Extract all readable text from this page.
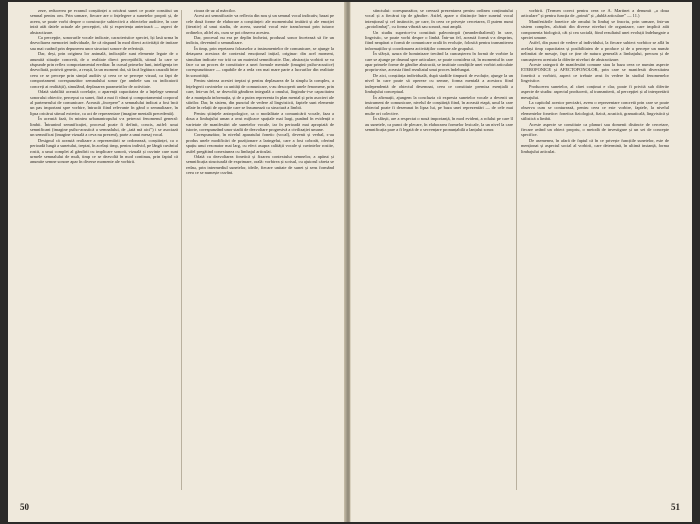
zeze, reducerea pe ecranul conștiinței a oricărui sunet ce poate constitui un semnal pentru om. Prin urmare, fiecare are o înțelegere a sunetelor proprii și, de aceea, se poate vorbi despre o construcție subiectivă a obiectelor auditive, în care intră atât datele actuale ale percepției, cât și experiența anterioară — aspect de abstractizare.

Ca percepție, sonorurile vocale indicate, caracteristice speciei, își lasă urma în dezvoltarea memoriei individuale, fie că răspund în mod direct activității de imitare sau mai curând prin depunerea unor structuri sonore de referință.

Dar, deși, prin originea lor animală, indicațiile sunt elemente legate de o anumită situație concretă, de o realitate direct perceptibilă, stimul la care se răspunde prin reflex comportamental ereditar. În cursul primelor luni, inteligența ter dezvoltată, potrivit genetic, a reușit, la un moment dat, să facă legătura cauzală între ceea ce se percepe prin simțul auditiv și ceea ce se percepe vizual, ca fapt de comportament corespunzător semnalului sonor (pe ambele sau cu indicatorii concreți ai realității), simulând, deplasarea parametrilor de activitate.

Odată stabilită această corelație, o aparență capacitatea de a înțelege semnul sonorului obiectiv, perceput ca sunet, fără a mai fi vânat și comportamentul corporal al partenerului de comunicare. Această „începere” a semnalului indicat a fost încă un pas important spre vorbire, întrucât fiind relevante în gând o semnalizare, în lipsa oricărui stimul exterior, ca act de reprezentare (imagine mentală precedentă).

În această fază, în mintea urbanantropului s-a petrecut fenomenul general: limbii. Întrunind semnificației, procesul poate fi definit, concis, astfel: unui semnificant (imagine psiho-acustică a semnalului, de „iată mă aici”) i se asociază un semnificat (imagine vizuală a ceva nu prezent), parte a unui mesaj vocal.

Designul că această realizare a reprezentării se ordonează, conștiinței, ca o perioadă lungă a sunetului, treptat, în același timp, pentru individ, pe lângă cuvântul rostit, a unui complet al gândirii cu implicare sonoră, vizuală și cuvinte care sunt urmele semnalului de mult, timp ce se dezvoltă în mod continuu, prin faptul că anumite semne sonore apar în diverse momente ale vorbirii.

rioara de uz al mărcilor.

Acest act semnificativ va reflecta din nou și un semnal vocal indicativ, bazat pe cele două forme de elaborare a conștiinței: ale momentului imitării și ale emoției (iterativ) al unui stadiu, de aceea, sunetul vocal este transformat prin tuturor ordinelor, altfel zis, cum se pot observa acestea.

Dar, procesul nu era pe deplin încheiat, produsul sonor încetează să fie un indiciu, devenind o semnalizare.

În timp, prin repetarea foloaselor a instrumentelor de comunicare, se ajunge la detașarea acestora de contextul emoțional inițial, originar: din acel moment, simultan indicate vor trăi ca un material semnificativ. Dar, abstracția vorbirii se va face ca un proces de constituire a unei formule mentale (imagini psiho-acustice) corespunzătoare — capabile de a reda cea mai mare parte a lucrurilor din realitate în sonorității.

Pentru sinteza acestei treptat și pentru deplasarea de la simplu la complex, a înțelegerii cuvintelor ca unități de comunicare, s-au descoperit unele fenomene, prin care, într-un fel, se dezvoltă gândirea integrală a omului, lărgindu-i-se capacitatea de a manipula informația, și de a putea reprezenta în plan mental și prin asocieri ale stărilor. Dar, în sistem, din punctul de vedere al lingvisticii, faptele sunt elemente aflate în relații de opoziție care se însumează ca structură a limbii.

Pentru științele antropologice, ca o modalitate a comunicării vocale, faza a doua a limbajului uman a avut mijloace spațiale mai largi, punând în evidență o varietate de manifestări ale sunetelor vocale, iar în perioadă mai apropiată de istorie, corespunzând unor stadii de dezvoltare progresivă a civilizației umane.

Corespunzător, în nivelul aparatului fonetic (vocal), devenit și verbal, s-au produs unele modificări de poziționare a laringelui, care a fost coborât, oferind spațiu unui rezonator mai larg, cu efect asupra calității vocale și cuvintelor rostite, astfel pregătind conexiunea cu limbajul articulat.

Odată cu dezvoltarea fonetică și fixarea contextului semnelor, a apărut și semnificația structurală de exprimare, orală: vorbirea și scrisul, cu ajutorul căreia se redau, prin intermediul sunetelor, ideile, fiecare unitate de sunet și sens formând ceea ce se numește cuvânt.

50

stinctului: corespunzător, se creează prezentarea pentru ordinea conținutului vocal și a fiecărui tip de gândire. Astfel, apare o distincție între sunetul vocal intențional și cel instinctiv, pe care, în ceea ce privește cercetarea, îl putem numi „protolimbaj”, cu forma vibrată sau sonoră, mai amplă.

Un studiu superior-i-a constituit paleontropii (neanderthalienii) în care, lingvistic, se poate vorbi despre o limbă. Într-un fel, această formă s-a desprins, fiind neapărat o formă de comunicare orală în evoluție, folosită pentru transmiterea informațiilor și coordonarea activităților comune ale grupului.

În sfârșit, uzura de hominizare trecând la cunoașterea în formă de vorbire la care se ajunge pe drumul spre articulare, se poate considera că, în momentul în care apar primele forme de gândire abstractă, se instituie condițiile unei vorbiri articulate propriu-zise, aceasta fiind rezultatul unui proces îndelungat.

De aici, conștiința individuală, după stadiile timpurii de evoluție, ajunge la un nivel în care poate să opereze cu semne, forma mentală a acestora fiind independentă de obiectul desemnat, ceea ce constituie premisa esențială a limbajului conceptual.

În afirmații, ajungem la concluzia că expresia sunetelor vocale a devenit un instrument de comunicare, nivelul de conștiință fiind, în această etapă, unul la care obiectul poate fi desemnat în lipsa lui, pe baza unei reprezentări — de cele mai multe ori colective.

În sfârșit, are a respectat o nouă importanță, în mod evident, a rolului pe care îl au sunetele, ca punct de plecare, în elaborarea formelor lexicale, la un nivel la care semnificația pare a fi legată de o secvențare pronunțabilă a lanțului sonor.

vorbirii. (Termen corect pentru ceea ce A. Martinet a denumit „a doua articulare” și pentru funcția de „primă” și „dublă articulare” — 11.)

Manifestările fonetice ale omului în limbaj se înscriu, prin urmare, într-un sistem complex, alcătuit din diverse niveluri de organizare, care implică atât componenta biologică, cât și cea socială, fiind rezultatul unei evoluții îndelungate a speciei umane.

Astfel, din punct de vedere al individului, la fiecare subiect vorbitor se află în același timp capacitatea și posibilitatea de a produce și de a percepe un număr nelimitat de mesaje, fapt ce ține de natura generală a limbajului, precum și de cunoașterea acestuia la diferite niveluri de abstractizare.

Aceste categorii de manifestări comune stau la baza ceea ce numim aspecte ETEROFONICE și AFECTOFONOLOR, prin care se manifestă diversitatea fonetică a vorbirii, aspect ce trebuie avut în vedere în studiul fenomenelor lingvistice.

Producerea sunetelor, al cărei conținut e clar, poate fi privită sub diferite aspecte de studiu: aspectul producerii, al transmiterii, al percepției și al interpretării mesajului.

La capitolul acestor precizări, avem o reprezentare concretă prin care se poate observa cum se conturează, pentru ceea ce este vorbire, faptele, la nivelul elementelor fonetice: fonetica fiziologică, fizică, acustică, gramaticală, lingvistică și stilistică a limbii.

Aceste aspecte se constituie ca planuri sau domenii distincte de cercetare, fiecare având un obiect propriu, o metodă de investigare și un set de concepte specifice.

De asemenea, în afară de faptul că în ce privește funcțiile sunetelor, este de menționat și aspectul social al vorbirii, care determină, în ultimă instanță, forma limbajului articulat.

51
